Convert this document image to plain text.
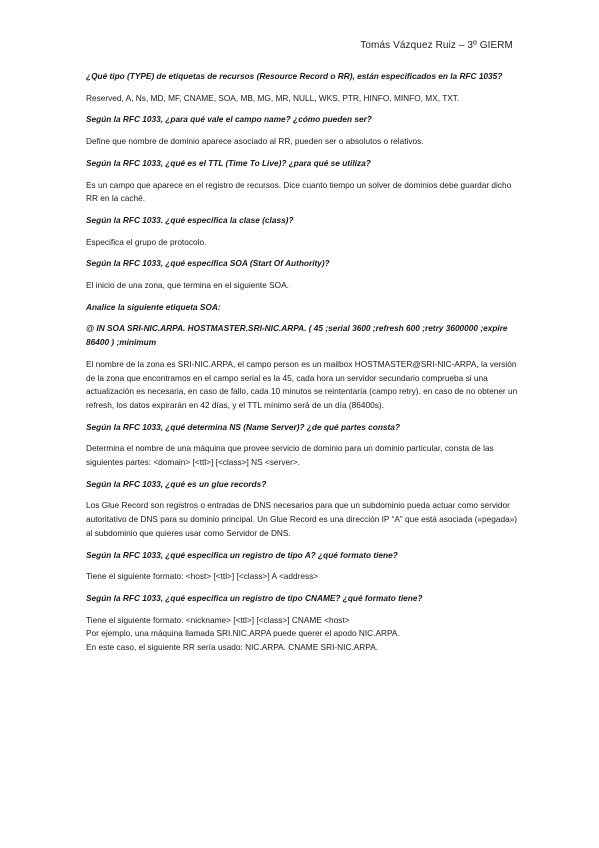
Tomás Vázquez Ruiz – 3º GIERM

¿Qué tipo (TYPE) de etiquetas de recursos (Resource Record o RR), están especificados en la RFC 1035?

Reserved, A, Ns, MD, MF, CNAME, SOA, MB, MG, MR, NULL, WKS, PTR, HINFO, MINFO, MX, TXT.

Según la RFC 1033, ¿para qué vale el campo name? ¿cómo pueden ser?

Define que nombre de dominio aparece asociado al RR, pueden ser o absolutos o relativos.

Según la RFC 1033, ¿qué es el TTL (Time To Live)? ¿para qué se utiliza?

Es un campo que aparece en el registro de recursos. Dice cuanto tiempo un solver de dominios debe guardar dicho RR en la caché.

Según la RFC 1033. ¿qué especifica la clase (class)?

Especifica el grupo de protocolo.

Según la RFC 1033, ¿qué especifica SOA (Start Of Authority)?

El inicio de una zona, que termina en el siguiente SOA.

Analice la siguiente etiqueta SOA:

@ IN SOA SRI-NIC.ARPA. HOSTMASTER.SRI-NIC.ARPA. ( 45 ;serial 3600 ;refresh 600 ;retry 3600000 ;expire 86400 ) ;minimum

El nombre de la zona es SRI-NIC.ARPA, el campo person es un mailbox HOSTMASTER@SRI-NIC-ARPA, la versión de la zona que encontramos en el campo serial es la 45, cada hora un servidor secundario comprueba si una actualización es necesaria, en caso de fallo, cada 10 minutos se reintentaría (campo retry). en caso de no obtener un refresh, los datos expirarán en 42 días, y el TTL mínimo será de un día (86400s).

Según la RFC 1033, ¿qué determina NS (Name Server)? ¿de qué partes consta?

Determina el nombre de una máquina que provee servicio de dominio para un dominio particular, consta de las siguientes partes: <domain> [<ttl>] [<class>] NS <server>.

Según la RFC 1033, ¿qué es un glue records?

Los Glue Record son registros o entradas de DNS necesarios para que un subdominio pueda actuar como servidor autoritativo de DNS para su dominio principal. Un Glue Record es una dirección IP “A” que está asociada («pegada») al subdominio que quieres usar como Servidor de DNS.

Según la RFC 1033, ¿qué especifica un registro de tipo A? ¿qué formato tiene?

Tiene el siguiente formato: <host> [<ttl>] [<class>] A <address>

Según la RFC 1033, ¿qué especifica un registro de tipo CNAME? ¿qué formato tiene?

Tiene el siguiente formato: <nickname> [<ttl>] [<class>] CNAME <host>
Por ejemplo, una máquina llamada SRI.NIC.ARPA puede querer el apodo NIC.ARPA.
En este caso, el siguiente RR sería usado: NIC.ARPA. CNAME SRI-NIC.ARPA.
